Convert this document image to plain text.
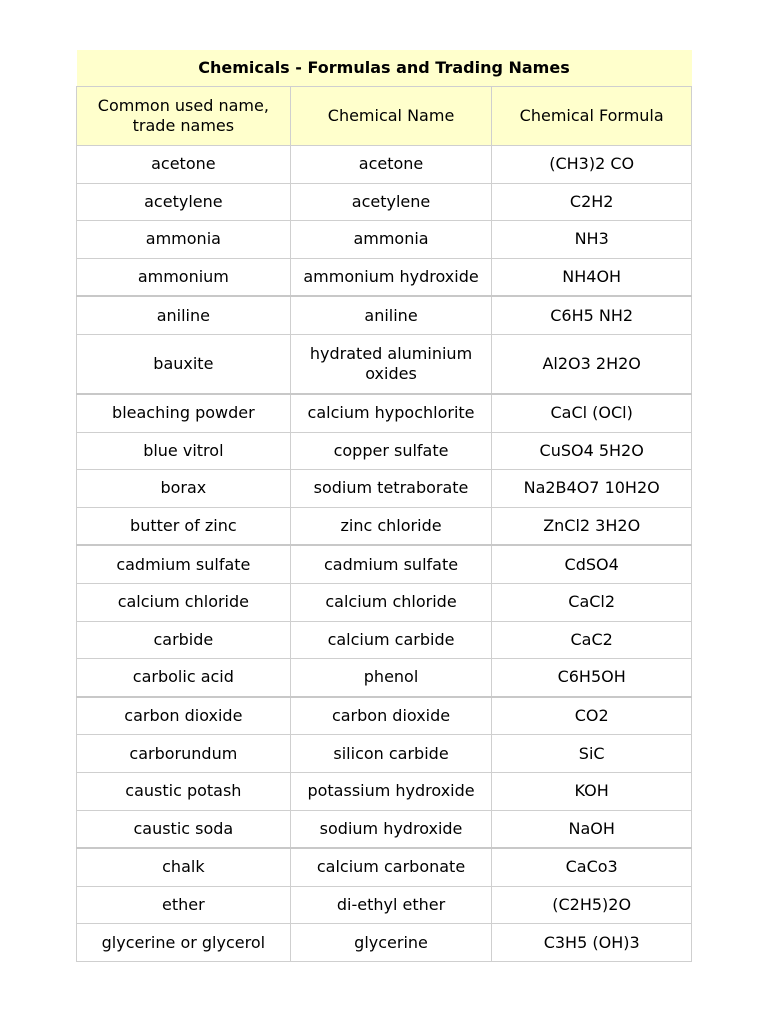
Chemicals - Formulas and Trading Names		
Common used name, trade names	Chemical Name	Chemical Formula
acetone	acetone	(CH3)2 CO
acetylene	acetylene	C2H2
ammonia	ammonia	NH3
ammonium	ammonium hydroxide	NH4OH
aniline	aniline	C6H5 NH2
bauxite	hydrated aluminium oxides	Al2O3 2H2O
bleaching powder	calcium hypochlorite	CaCl (OCl)
blue vitrol	copper sulfate	CuSO4 5H2O
borax	sodium tetraborate	Na2B4O7 10H2O
butter of zinc	zinc chloride	ZnCl2 3H2O
cadmium sulfate	cadmium sulfate	CdSO4
calcium chloride	calcium chloride	CaCl2
carbide	calcium carbide	CaC2
carbolic acid	phenol	C6H5OH
carbon dioxide	carbon dioxide	CO2
carborundum	silicon carbide	SiC
caustic potash	potassium hydroxide	KOH
caustic soda	sodium hydroxide	NaOH
chalk	calcium carbonate	CaCo3
ether	di-ethyl ether	(C2H5)2O
glycerine or glycerol	glycerine	C3H5 (OH)3
